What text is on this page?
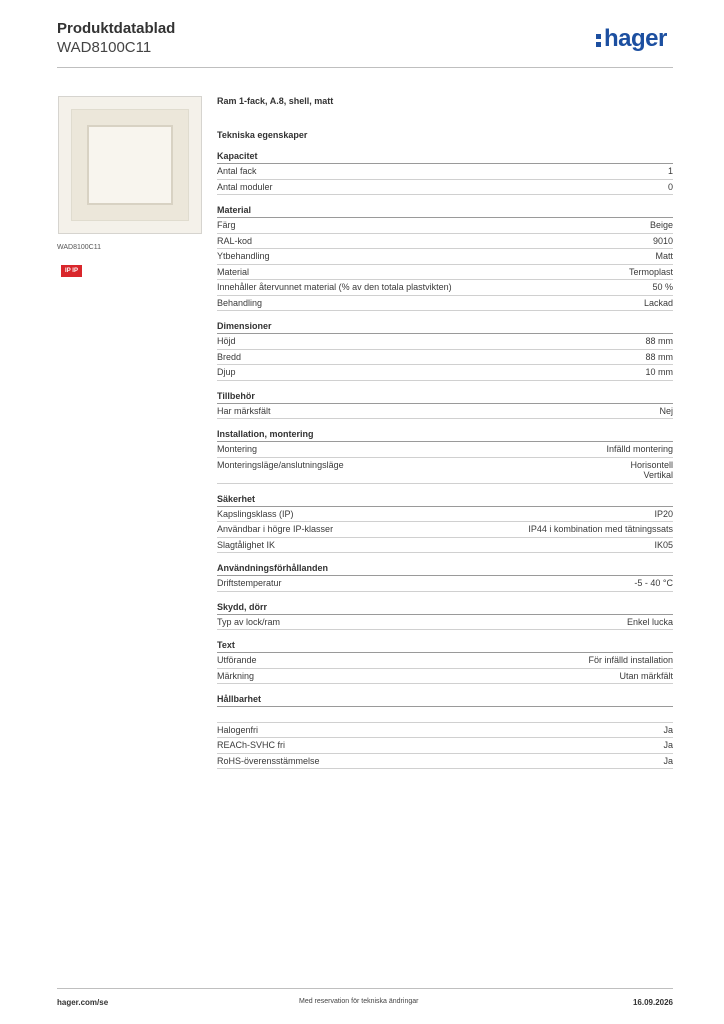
Produktdatablad
WAD8100C11	hager
WAD8100C11
IP IP
Ram 1-fack, A.8, shell, matt
Tekniska egenskaper
Kapacitet
Antal fack	1
Antal moduler	0
Material
Färg	Beige
RAL-kod	9010
Ytbehandling	Matt
Material	Termoplast
Innehåller återvunnet material (% av den totala plastvikten)	50 %
Behandling	Lackad
Dimensioner
Höjd	88 mm
Bredd	88 mm
Djup	10 mm
Tillbehör
Har märksfält	Nej
Installation, montering
Montering	Infälld montering
Monteringsläge/anslutningsläge	Horisontell
Vertikal
Säkerhet
Kapslingsklass (IP)	IP20
Användbar i högre IP-klasser	IP44 i kombination med tätningssats
Slagtålighet IK	IK05
Användningsförhållanden
Driftstemperatur	-5 - 40 °C
Skydd, dörr
Typ av lock/ram	Enkel lucka
Text
Utförande	För infälld installation
Märkning	Utan märkfält
Hållbarhet

Halogenfri	Ja
REACh-SVHC fri	Ja
RoHS-överensstämmelse	Ja
hager.com/se	Med reservation för tekniska ändringar	16.09.2026
